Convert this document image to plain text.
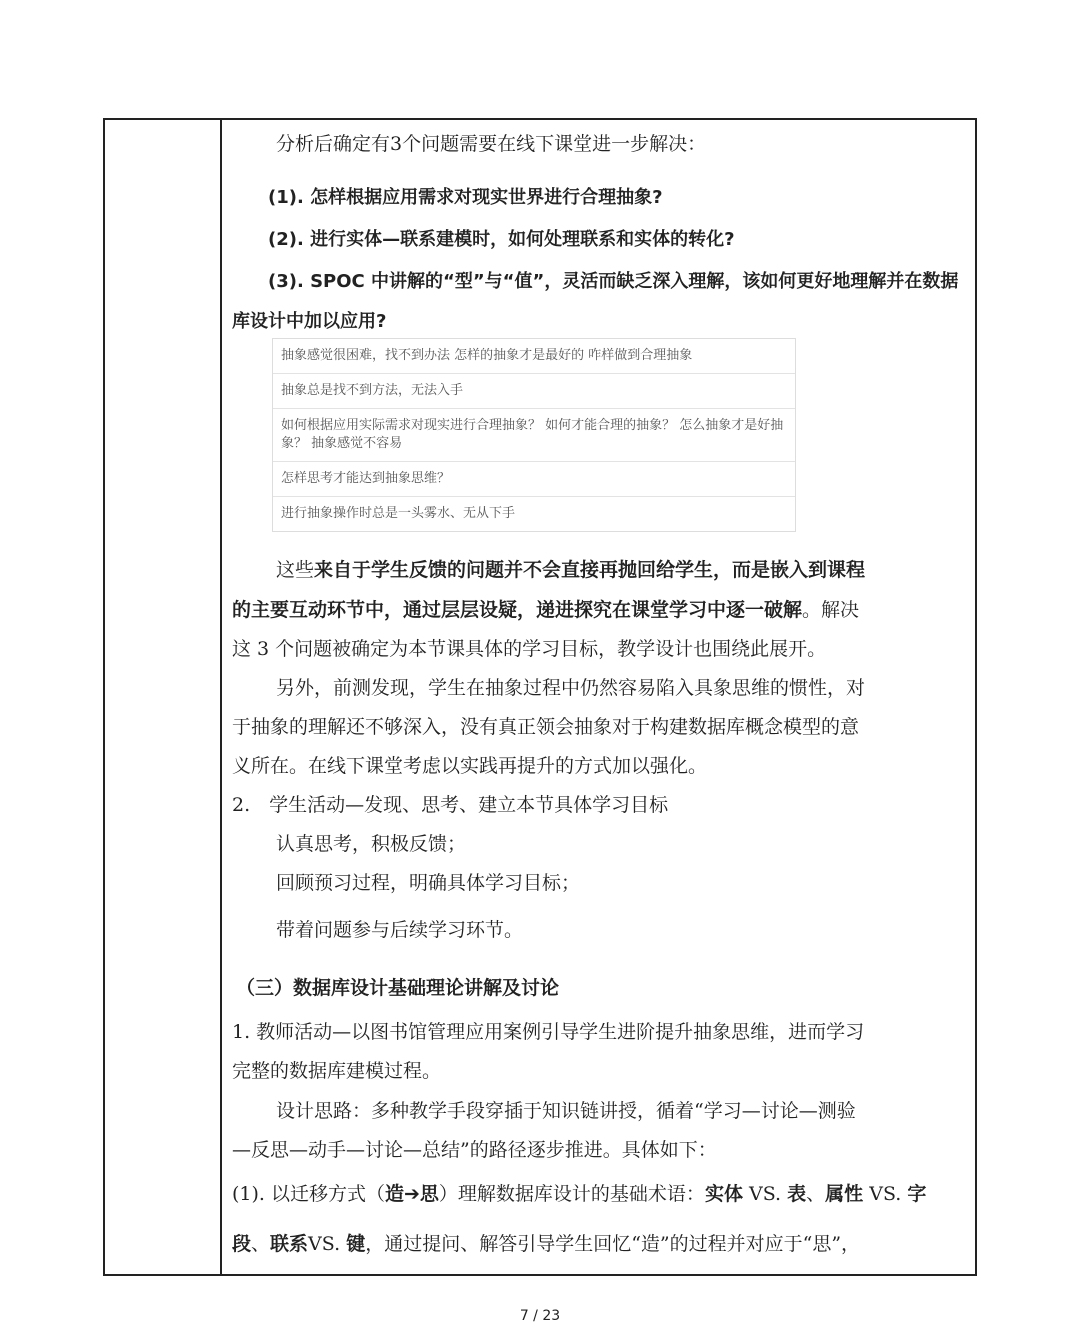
分析后确定有3个问题需要在线下课堂进一步解决：
(1). 怎样根据应用需求对现实世界进行合理抽象?
(2). 进行实体—联系建模时，如何处理联系和实体的转化?
(3). SPOC 中讲解的“型”与“值”，灵活而缺乏深入理解，该如何更好地理解并在数据
库设计中加以应用?
抽象感觉很困难，找不到办法 怎样的抽象才是最好的 咋样做到合理抽象
抽象总是找不到方法，无法入手
如何根据应用实际需求对现实进行合理抽象？ 如何才能合理的抽象？ 怎么抽象才是好抽象？ 抽象感觉不容易
怎样思考才能达到抽象思维？
进行抽象操作时总是一头雾水、无从下手
这些来自于学生反馈的问题并不会直接再抛回给学生，而是嵌入到课程
的主要互动环节中，通过层层设疑，递进探究在课堂学习中逐一破解。解决
这 3 个问题被确定为本节课具体的学习目标，教学设计也围绕此展开。
另外，前测发现，学生在抽象过程中仍然容易陷入具象思维的惯性，对
于抽象的理解还不够深入，没有真正领会抽象对于构建数据库概念模型的意
义所在。在线下课堂考虑以实践再提升的方式加以强化。
2.　学生活动—发现、思考、建立本节具体学习目标
认真思考，积极反馈；
回顾预习过程，明确具体学习目标；
带着问题参与后续学习环节。
（三）数据库设计基础理论讲解及讨论
1. 教师活动—以图书馆管理应用案例引导学生进阶提升抽象思维，进而学习
完整的数据库建模过程。
设计思路：多种教学手段穿插于知识链讲授，循着“学习—讨论—测验
—反思—动手—讨论—总结”的路径逐步推进。具体如下：
(1). 以迁移方式（造➔思）理解数据库设计的基础术语：实体 VS. 表、属性 VS. 字
段、联系VS. 键，通过提问、解答引导学生回忆“造”的过程并对应于“思”，
7 / 23
